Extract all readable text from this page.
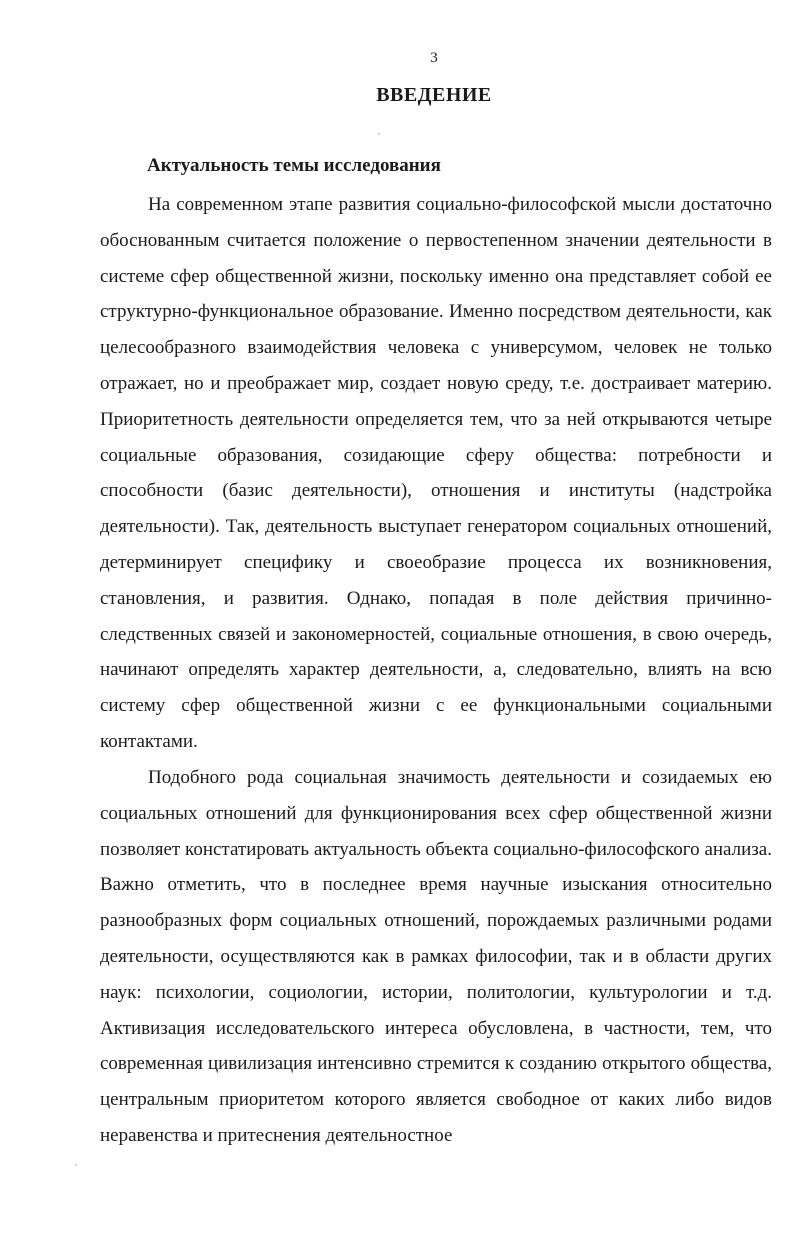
3
ВВЕДЕНИЕ
Актуальность темы исследования

На современном этапе развития социально-философской мысли достаточно обоснованным считается положение о первостепенном значении деятельности в системе сфер общественной жизни, поскольку именно она представляет собой ее структурно-функциональное образование. Именно посредством деятельности, как целесообразного взаимодействия человека с универсумом, человек не только отражает, но и преображает мир, создает новую среду, т.е. достраивает материю. Приоритетность деятельности определяется тем, что за ней открываются четыре социальные образования, созидающие сферу общества: потребности и способности (базис деятельности), отношения и институты (надстройка деятельности). Так, деятельность выступает генератором социальных отношений, детерминирует специфику и своеобразие процесса их возникновения, становления, и развития. Однако, попадая в поле действия причинно-следственных связей и закономерностей, социальные отношения, в свою очередь, начинают определять характер деятельности, а, следовательно, влиять на всю систему сфер общественной жизни с ее функциональными социальными контактами.

Подобного рода социальная значимость деятельности и созидаемых ею социальных отношений для функционирования всех сфер общественной жизни позволяет констатировать актуальность объекта социально-философского анализа. Важно отметить, что в последнее время научные изыскания относительно разнообразных форм социальных отношений, порождаемых различными родами деятельности, осуществляются как в рамках философии, так и в области других наук: психологии, социологии, истории, политологии, культурологии и т.д. Активизация исследовательского интереса обусловлена, в частности, тем, что современная цивилизация интенсивно стремится к созданию открытого общества, центральным приоритетом которого является свободное от каких либо видов неравенства и притеснения деятельностное
